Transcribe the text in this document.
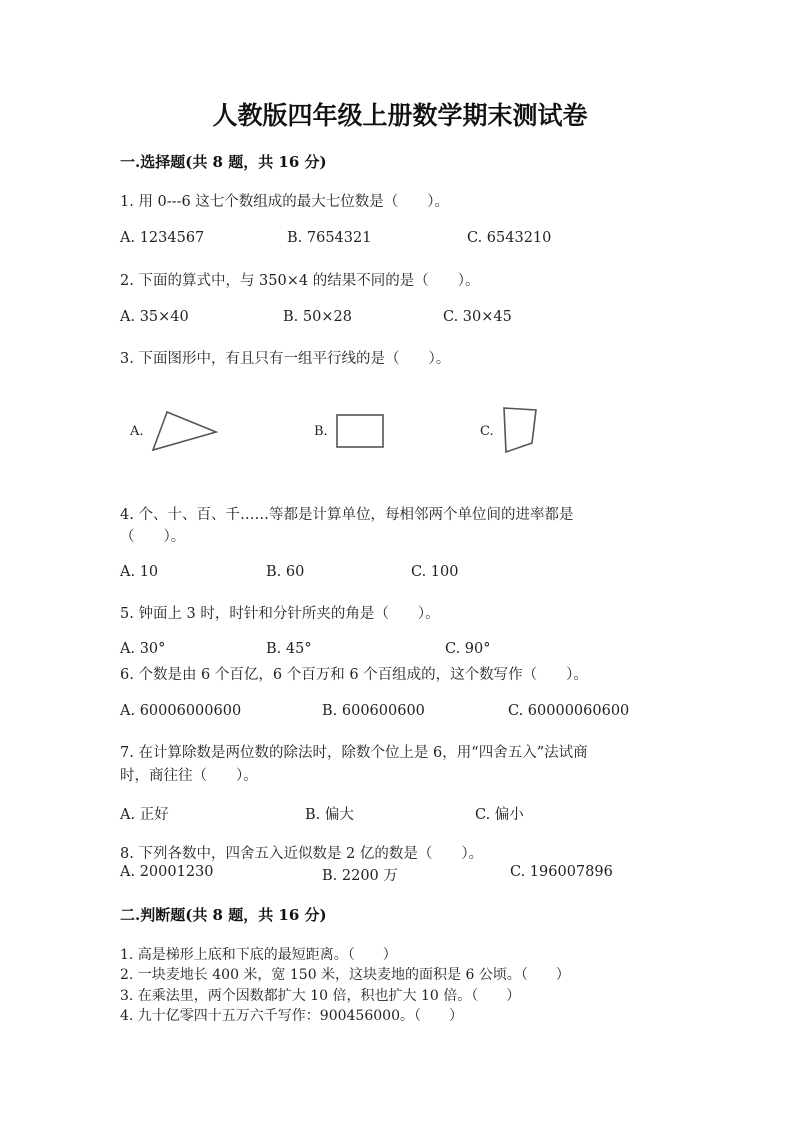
人教版四年级上册数学期末测试卷
一.选择题(共 8 题，共 16 分)
1. 用 0---6 这七个数组成的最大七位数是（　　）。
A. 1234567	B. 7654321	C. 6543210
2. 下面的算式中，与 350×4 的结果不同的是（　　）。
A. 35×40	B. 50×28	C. 30×45
3. 下面图形中，有且只有一组平行线的是（　　）。
A.	B.	C.
4. 个、十、百、千……等都是计算单位，每相邻两个单位间的进率都是
（　　）。
A. 10	B. 60	C. 100
5. 钟面上 3 时，时针和分针所夹的角是（　　）。
A. 30°	B. 45°	C. 90°
6. 个数是由 6 个百亿，6 个百万和 6 个百组成的，这个数写作（　　）。
A. 60006000600	B. 600600600	C. 60000060600
7. 在计算除数是两位数的除法时，除数个位上是 6，用“四舍五入”法试商
时，商往往（　　）。
A. 正好	B. 偏大	C. 偏小
8. 下列各数中，四舍五入近似数是 2 亿的数是（　　）。
A. 20001230	B. 2200 万	C. 196007896
二.判断题(共 8 题，共 16 分)
1. 高是梯形上底和下底的最短距离。（　　）
2. 一块麦地长 400 米，宽 150 米，这块麦地的面积是 6 公顷。（　　）
3. 在乘法里，两个因数都扩大 10 倍，积也扩大 10 倍。（　　）
4. 九十亿零四十五万六千写作：900456000。（　　）
